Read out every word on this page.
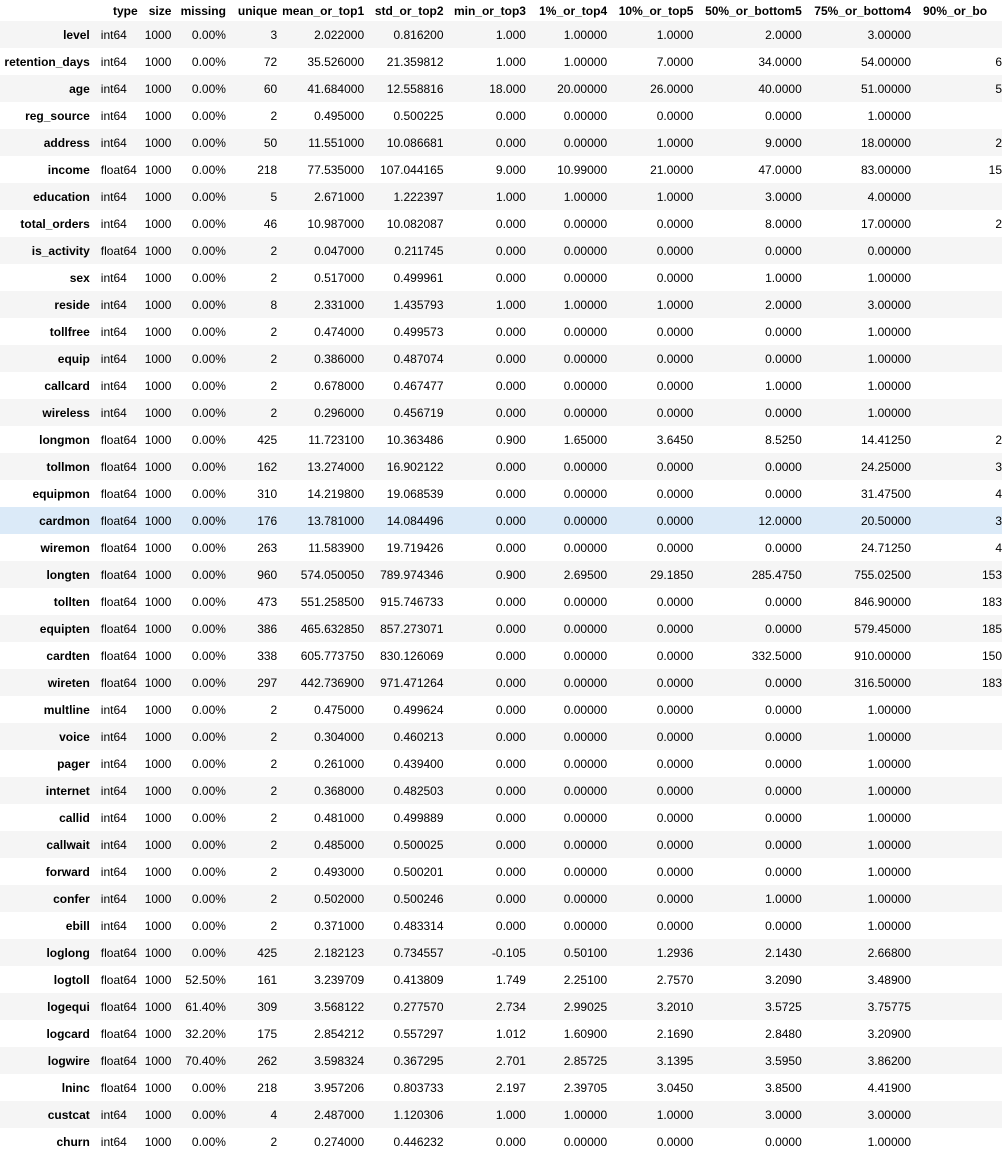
	type	size	missing	unique	mean_or_top1	std_or_top2	min_or_top3	1%_or_top4	10%_or_top5	50%_or_bottom5	75%_or_bottom4	90%_or_bo
level	int64	1000	0.00%	3	2.022000	0.816200	1.000	1.00000	1.0000	2.0000	3.00000	
retention_days	int64	1000	0.00%	72	35.526000	21.359812	1.000	1.00000	7.0000	34.0000	54.00000	6
age	int64	1000	0.00%	60	41.684000	12.558816	18.000	20.00000	26.0000	40.0000	51.00000	5
reg_source	int64	1000	0.00%	2	0.495000	0.500225	0.000	0.00000	0.0000	0.0000	1.00000	
address	int64	1000	0.00%	50	11.551000	10.086681	0.000	0.00000	1.0000	9.0000	18.00000	2
income	float64	1000	0.00%	218	77.535000	107.044165	9.000	10.99000	21.0000	47.0000	83.00000	15
education	int64	1000	0.00%	5	2.671000	1.222397	1.000	1.00000	1.0000	3.0000	4.00000	
total_orders	int64	1000	0.00%	46	10.987000	10.082087	0.000	0.00000	0.0000	8.0000	17.00000	2
is_activity	float64	1000	0.00%	2	0.047000	0.211745	0.000	0.00000	0.0000	0.0000	0.00000	
sex	int64	1000	0.00%	2	0.517000	0.499961	0.000	0.00000	0.0000	1.0000	1.00000	
reside	int64	1000	0.00%	8	2.331000	1.435793	1.000	1.00000	1.0000	2.0000	3.00000	
tollfree	int64	1000	0.00%	2	0.474000	0.499573	0.000	0.00000	0.0000	0.0000	1.00000	
equip	int64	1000	0.00%	2	0.386000	0.487074	0.000	0.00000	0.0000	0.0000	1.00000	
callcard	int64	1000	0.00%	2	0.678000	0.467477	0.000	0.00000	0.0000	1.0000	1.00000	
wireless	int64	1000	0.00%	2	0.296000	0.456719	0.000	0.00000	0.0000	0.0000	1.00000	
longmon	float64	1000	0.00%	425	11.723100	10.363486	0.900	1.65000	3.6450	8.5250	14.41250	2
tollmon	float64	1000	0.00%	162	13.274000	16.902122	0.000	0.00000	0.0000	0.0000	24.25000	3
equipmon	float64	1000	0.00%	310	14.219800	19.068539	0.000	0.00000	0.0000	0.0000	31.47500	4
cardmon	float64	1000	0.00%	176	13.781000	14.084496	0.000	0.00000	0.0000	12.0000	20.50000	3
wiremon	float64	1000	0.00%	263	11.583900	19.719426	0.000	0.00000	0.0000	0.0000	24.71250	4
longten	float64	1000	0.00%	960	574.050050	789.974346	0.900	2.69500	29.1850	285.4750	755.02500	153
tollten	float64	1000	0.00%	473	551.258500	915.746733	0.000	0.00000	0.0000	0.0000	846.90000	183
equipten	float64	1000	0.00%	386	465.632850	857.273071	0.000	0.00000	0.0000	0.0000	579.45000	185
cardten	float64	1000	0.00%	338	605.773750	830.126069	0.000	0.00000	0.0000	332.5000	910.00000	150
wireten	float64	1000	0.00%	297	442.736900	971.471264	0.000	0.00000	0.0000	0.0000	316.50000	183
multline	int64	1000	0.00%	2	0.475000	0.499624	0.000	0.00000	0.0000	0.0000	1.00000	
voice	int64	1000	0.00%	2	0.304000	0.460213	0.000	0.00000	0.0000	0.0000	1.00000	
pager	int64	1000	0.00%	2	0.261000	0.439400	0.000	0.00000	0.0000	0.0000	1.00000	
internet	int64	1000	0.00%	2	0.368000	0.482503	0.000	0.00000	0.0000	0.0000	1.00000	
callid	int64	1000	0.00%	2	0.481000	0.499889	0.000	0.00000	0.0000	0.0000	1.00000	
callwait	int64	1000	0.00%	2	0.485000	0.500025	0.000	0.00000	0.0000	0.0000	1.00000	
forward	int64	1000	0.00%	2	0.493000	0.500201	0.000	0.00000	0.0000	0.0000	1.00000	
confer	int64	1000	0.00%	2	0.502000	0.500246	0.000	0.00000	0.0000	1.0000	1.00000	
ebill	int64	1000	0.00%	2	0.371000	0.483314	0.000	0.00000	0.0000	0.0000	1.00000	
loglong	float64	1000	0.00%	425	2.182123	0.734557	-0.105	0.50100	1.2936	2.1430	2.66800	
logtoll	float64	1000	52.50%	161	3.239709	0.413809	1.749	2.25100	2.7570	3.2090	3.48900	
logequi	float64	1000	61.40%	309	3.568122	0.277570	2.734	2.99025	3.2010	3.5725	3.75775	
logcard	float64	1000	32.20%	175	2.854212	0.557297	1.012	1.60900	2.1690	2.8480	3.20900	
logwire	float64	1000	70.40%	262	3.598324	0.367295	2.701	2.85725	3.1395	3.5950	3.86200	
lninc	float64	1000	0.00%	218	3.957206	0.803733	2.197	2.39705	3.0450	3.8500	4.41900	
custcat	int64	1000	0.00%	4	2.487000	1.120306	1.000	1.00000	1.0000	3.0000	3.00000	
churn	int64	1000	0.00%	2	0.274000	0.446232	0.000	0.00000	0.0000	0.0000	1.00000	
